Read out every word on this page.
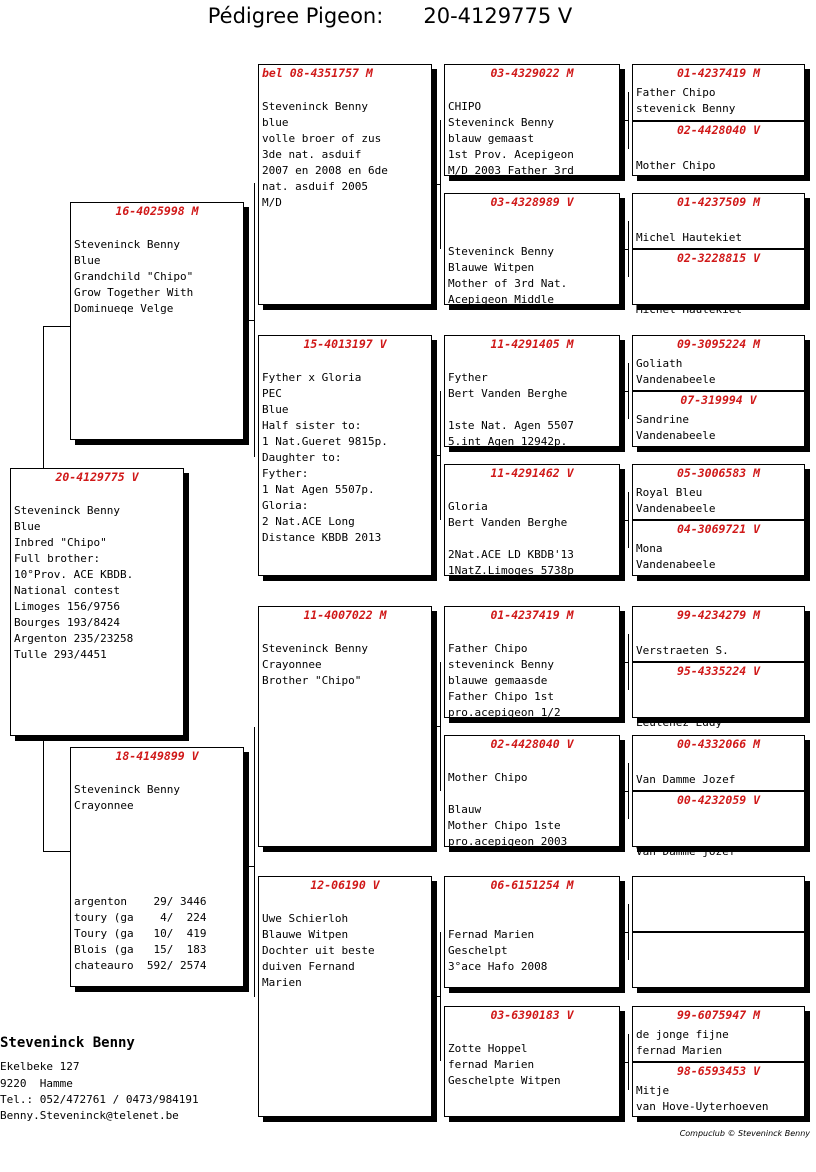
Pédigree Pigeon:      20-4129775 V
20-4129775 V
Steveninck Benny
Blue
Inbred "Chipo"
Full brother:
10°Prov. ACE KBDB.
National contest
Limoges 156/9756
Bourges 193/8424
Argenton 235/23258
Tulle 293/4451
16-4025998 M
Steveninck Benny
Blue
Grandchild "Chipo"
Grow Together With
Dominueqe Velge
18-4149899 V
Steveninck Benny
Crayonnee
argenton    29/ 3446
toury (ga    4/  224
Toury (ga   10/  419
Blois (ga   15/  183
chateauro  592/ 2574
bel 08-4351757 M
Steveninck Benny
blue
volle broer of zus
3de nat. asduif
2007 en 2008 en 6de
nat. asduif 2005
M/D
15-4013197 V
Fyther x Gloria
PEC
Blue
Half sister to:
1 Nat.Gueret 9815p.
Daughter to:
Fyther:
1 Nat Agen 5507p.
Gloria:
2 Nat.ACE Long
Distance KBDB 2013
11-4007022 M
Steveninck Benny
Crayonnee
Brother "Chipo"
12-06190 V
Uwe Schierloh
Blauwe Witpen
Dochter uit beste
duiven Fernand
Marien
03-4329022 M
CHIPO
Steveninck Benny
blauw gemaast
1st Prov. Acepigeon
M/D 2003 Father 3rd
03-4328989 V
Steveninck Benny
Blauwe Witpen
Mother of 3rd Nat.
Acepigeon Middle
11-4291405 M
Fyther
Bert Vanden Berghe
1ste Nat. Agen 5507
5.int Agen 12942p.
11-4291462 V
Gloria
Bert Vanden Berghe
2Nat.ACE LD KBDB'13
1NatZ.Limoges 5738p
01-4237419 M
Father Chipo
steveninck Benny
blauwe gemaasde
Father Chipo 1st
pro.acepigeon 1/2
02-4428040 V
Mother Chipo
Blauw
Mother Chipo 1ste
pro.acepigeon 2003
06-6151254 M
Fernad Marien
Geschelpt
3°ace Hafo 2008
03-6390183 V
Zotte Hoppel
fernad Marien
Geschelpte Witpen
01-4237419 M
Father Chipo
stevenick Benny
02-4428040 V
Mother Chipo
01-4237509 M
Michel Hautekiet
02-3228815 V
Michel Hautekiet
09-3095224 M
Goliath
Vandenabeele
07-319994 V
Sandrine
Vandenabeele
05-3006583 M
Royal Bleu
Vandenabeele
04-3069721 V
Mona
Vandenabeele
99-4234279 M
Verstraeten S.
95-4335224 V
Leutenez Eddy
00-4332066 M
Van Damme Jozef
00-4232059 V
Van Damme jozef
99-6075947 M
de jonge fijne
fernad Marien
98-6593453 V
Mitje
van Hove-Uyterhoeven
Steveninck Benny
Ekelbeke 127
9220  Hamme
Tel.: 052/472761 / 0473/984191
Benny.Steveninck@telenet.be
Compuclub © Steveninck Benny
